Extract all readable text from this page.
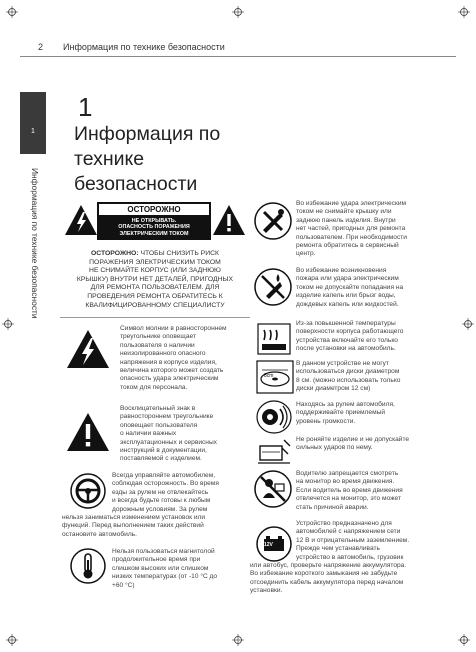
2 Информация по технике безопасности
1
Информация по технике безопасности
1
Информация по технике
безопасности
ОСТОРОЖНО
НЕ ОТКРЫВАТЬ.
ОПАСНОСТЬ ПОРАЖЕНИЯ
ЭЛЕКТРИЧЕСКИМ ТОКОМ
ОСТОРОЖНО: ЧТОБЫ СНИЗИТЬ РИСК
ПОРАЖЕНИЯ ЭЛЕКТРИЧЕСКИМ ТОКОМ
НЕ СНИМАЙТЕ КОРПУС (ИЛИ ЗАДНЮЮ
КРЫШКУ) ВНУТРИ НЕТ ДЕТАЛЕЙ, ПРИГОДНЫХ
ДЛЯ РЕМОНТА ПОЛЬЗОВАТЕЛЕМ. ДЛЯ
ПРОВЕДЕНИЯ РЕМОНТА ОБРАТИТЕСЬ К
КВАЛИФИЦИРОВАННОМУ СПЕЦИАЛИСТУ
Символ молнии в равностороннем
треугольнике оповещает
пользователя о наличии
неизолированного опасного
напряжения в корпусе изделия,
величина которого может создать
опасность удара электрическим
током для персонала.
Восклицательный знак в
равностороннем треугольнике
оповещает пользователя
о наличии важных
эксплуатационных и сервисных
инструкций в документации,
поставляемой с изделием.
Всегда управляйте автомобилем,
соблюдая осторожность. Во время
езды за рулем не отвлекайтесь
и всегда будьте готовы к любым
дорожным условиям. За рулем
нельзя заниматься изменением установок или
функций. Перед выполнением таких действий
остановите автомобиль.
Нельзя пользоваться магнитолой
продолжительное время при
слишком высоких или слишком
низких температурах (от -10 °C до
+60 °C)
Во избежание удара электрическим
током не снимайте крышку или
заднюю панель изделия. Внутри
нет частей, пригодных для ремонта
пользователем. При необходимости
ремонта обратитесь в сервисный
центр.
Во избежание возникновения
пожара или удара электрическим
током не допускайте попадания на
изделие капель или брызг воды,
дождевых капель или жидкостей.
Из-за повышенной температуры
поверхности корпуса работающего
устройства включайте его только
после установки на автомобиль.
8cm
В данном устройстве не могут
использоваться диски диаметром
8 см. (можно использовать только
диски диаметром 12 см)
Находясь за рулем автомобиля,
поддерживайте приемлемый
уровень громкости.
Не роняйте изделие и не допускайте
сильных ударов по нему.
Водителю запрещается смотреть
на монитор во время движения.
Если водитель во время движения
отвлечется на монитор, это может
стать причиной аварии.
12V
Устройство предназначено для
автомобилей с напряжением сети
12 В и отрицательным заземлением.
Прежде чем устанавливать
устройство в автомобиль, грузовик
или автобус, проверьте напряжение аккумулятора.
Во избежание короткого замыкания не забудьте
отсоединить кабель аккумулятора перед началом
установки.
